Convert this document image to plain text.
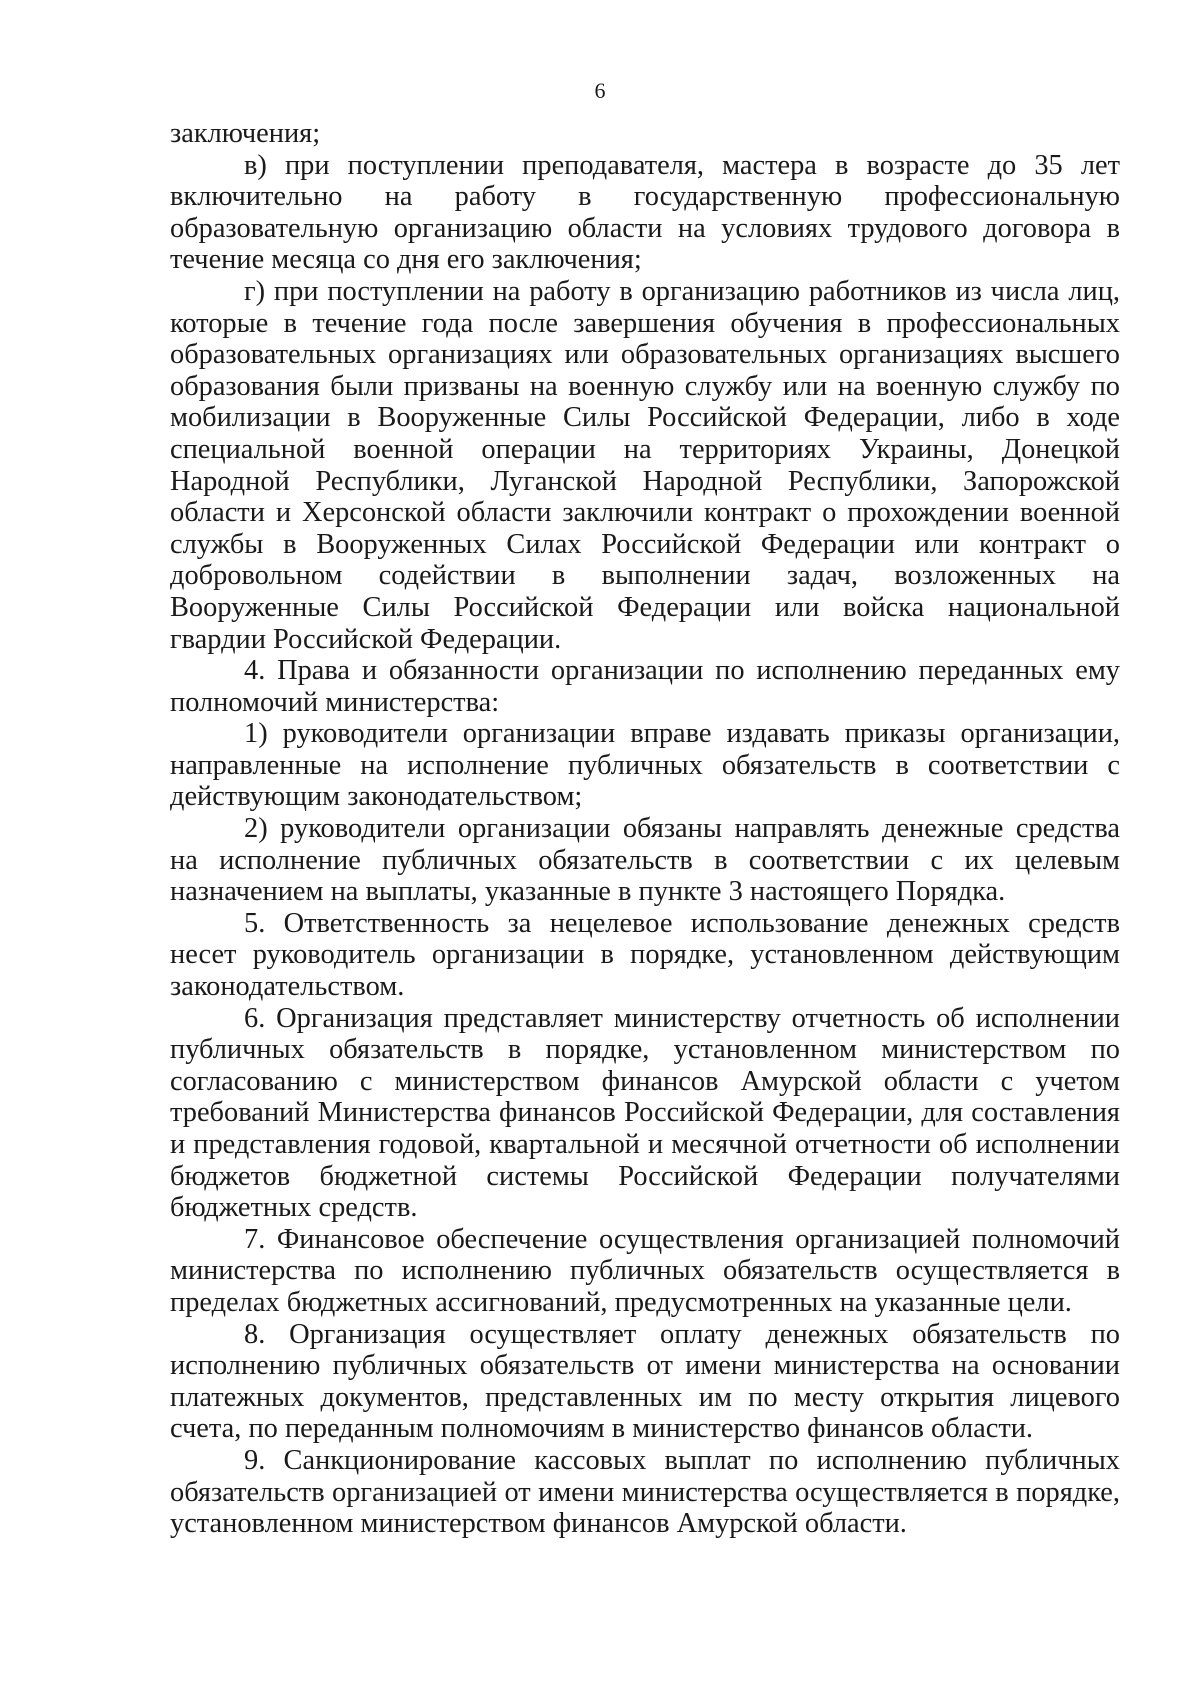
6

заключения;

в) при поступлении преподавателя, мастера в возрасте до 35 лет включительно на работу в государственную профессиональную образовательную организацию области на условиях трудового договора в течение месяца со дня его заключения;

г) при поступлении на работу в организацию работников из числа лиц, которые в течение года после завершения обучения в профессиональных образовательных организациях или образовательных организациях высшего образования были призваны на военную службу или на военную службу по мобилизации в Вооруженные Силы Российской Федерации, либо в ходе специальной военной операции на территориях Украины, Донецкой Народной Республики, Луганской Народной Республики, Запорожской области и Херсонской области заключили контракт о прохождении военной службы в Вооруженных Силах Российской Федерации или контракт о добровольном содействии в выполнении задач, возложенных на Вооруженные Силы Российской Федерации или войска национальной гвардии Российской Федерации.

4. Права и обязанности организации по исполнению переданных ему полномочий министерства:

1) руководители организации вправе издавать приказы организации, направленные на исполнение публичных обязательств в соответствии с действующим законодательством;

2) руководители организации обязаны направлять денежные средства на исполнение публичных обязательств в соответствии с их целевым назначением на выплаты, указанные в пункте 3 настоящего Порядка.

5. Ответственность за нецелевое использование денежных средств несет руководитель организации в порядке, установленном действующим законодательством.

6. Организация представляет министерству отчетность об исполнении публичных обязательств в порядке, установленном министерством по согласованию с министерством финансов Амурской области с учетом требований Министерства финансов Российской Федерации, для составления и представления годовой, квартальной и месячной отчетности об исполнении бюджетов бюджетной системы Российской Федерации получателями бюджетных средств.

7. Финансовое обеспечение осуществления организацией полномочий министерства по исполнению публичных обязательств осуществляется в пределах бюджетных ассигнований, предусмотренных на указанные цели.

8. Организация осуществляет оплату денежных обязательств по исполнению публичных обязательств от имени министерства на основании платежных документов, представленных им по месту открытия лицевого счета, по переданным полномочиям в министерство финансов области.

9. Санкционирование кассовых выплат по исполнению публичных обязательств организацией от имени министерства осуществляется в порядке, установленном министерством финансов Амурской области.
